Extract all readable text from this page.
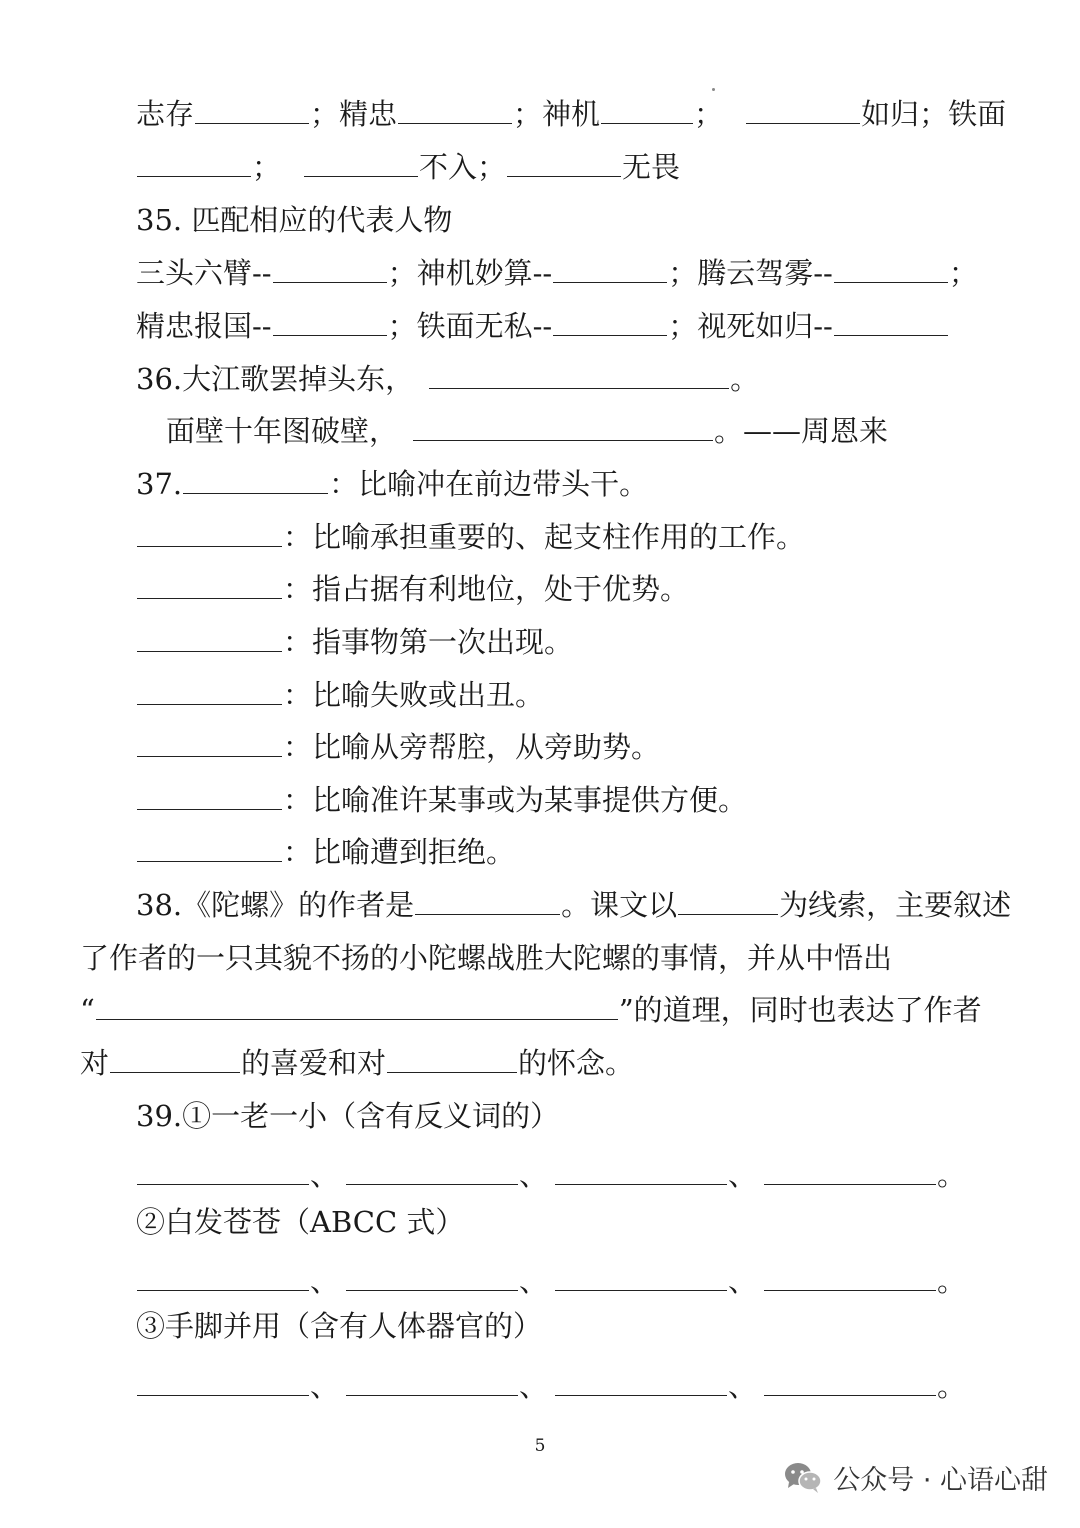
志存	；精忠	；神机	；	如归；铁面
；	不入；	无畏
35. 匹配相应的代表人物
三头六臂--	；神机妙算--	；腾云驾雾--	；
精忠报国--	；铁面无私--	；视死如归--
36.大江歌罢掉头东，	。
面壁十年图破壁，	。——周恩来
37.	：比喻冲在前边带头干。
：比喻承担重要的、起支柱作用的工作。
：指占据有利地位，处于优势。
：指事物第一次出现。
：比喻失败或出丑。
：比喻从旁帮腔，从旁助势。
：比喻准许某事或为某事提供方便。
：比喻遭到拒绝。
38.《陀螺》的作者是	。课文以	为线索，主要叙述
了作者的一只其貌不扬的小陀螺战胜大陀螺的事情，并从中悟出
“	”的道理，同时也表达了作者
对	的喜爱和对	的怀念。
39.①一老一小（含有反义词的）
、	、	、	。
②白发苍苍（ABCC 式）
、	、	、	。
③手脚并用（含有人体器官的）
、	、	、	。
5
公众号 · 心语心甜
